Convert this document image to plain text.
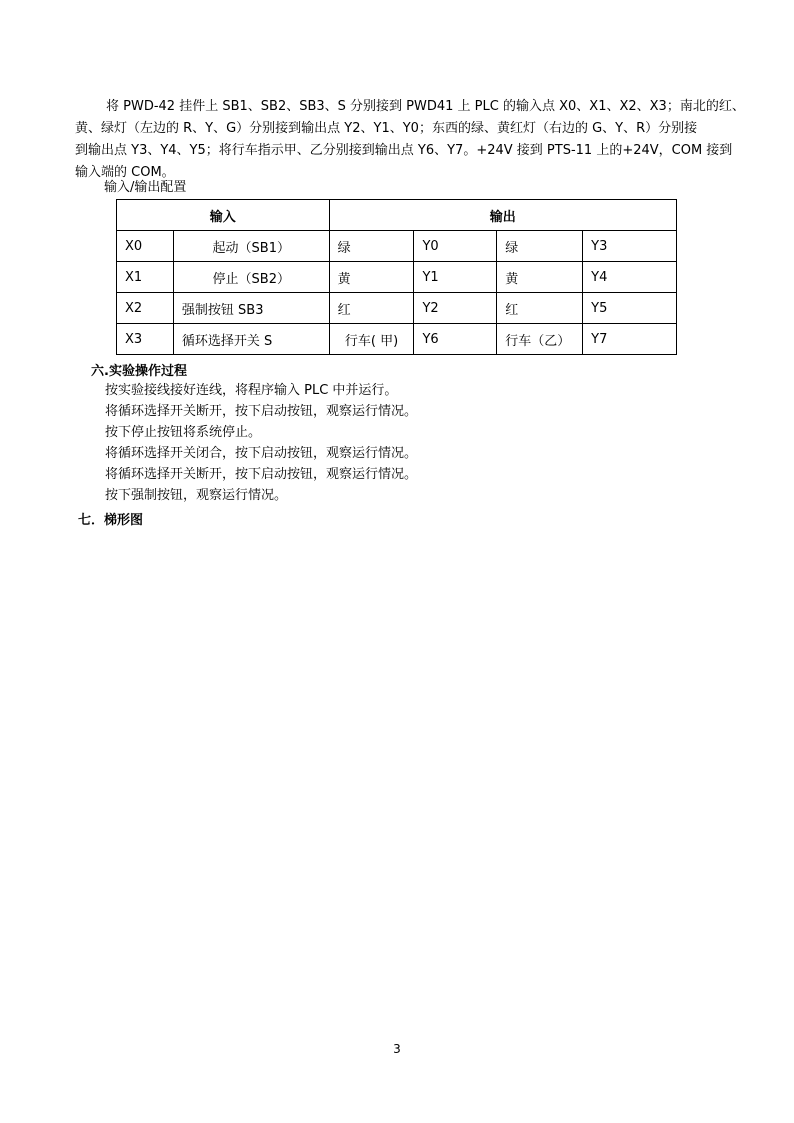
将 PWD-42 挂件上 SB1、SB2、SB3、S 分别接到 PWD41 上 PLC 的输入点 X0、X1、X2、X3；南北的红、
黄、绿灯（左边的 R、Y、G）分别接到输出点 Y2、Y1、Y0；东西的绿、黄红灯（右边的 G、Y、R）分别接
到输出点 Y3、Y4、Y5；将行车指示甲、乙分别接到输出点 Y6、Y7。+24V 接到 PTS-11 上的+24V，COM 接到
输入端的 COM。
输入/输出配置
输入		输出			
X0	起动（SB1）	绿	Y0	绿	Y3
X1	停止（SB2）	黄	Y1	黄	Y4
X2	强制按钮 SB3	红	Y2	红	Y5
X3	循环选择开关 S	行车( 甲)	Y6	行车（乙）	Y7
六.实验操作过程
按实验接线接好连线，将程序输入 PLC 中并运行。
将循环选择开关断开，按下启动按钮，观察运行情况。
按下停止按钮将系统停止。
将循环选择开关闭合，按下启动按钮，观察运行情况。
将循环选择开关断开，按下启动按钮，观察运行情况。
按下强制按钮，观察运行情况。
七．梯形图
3
